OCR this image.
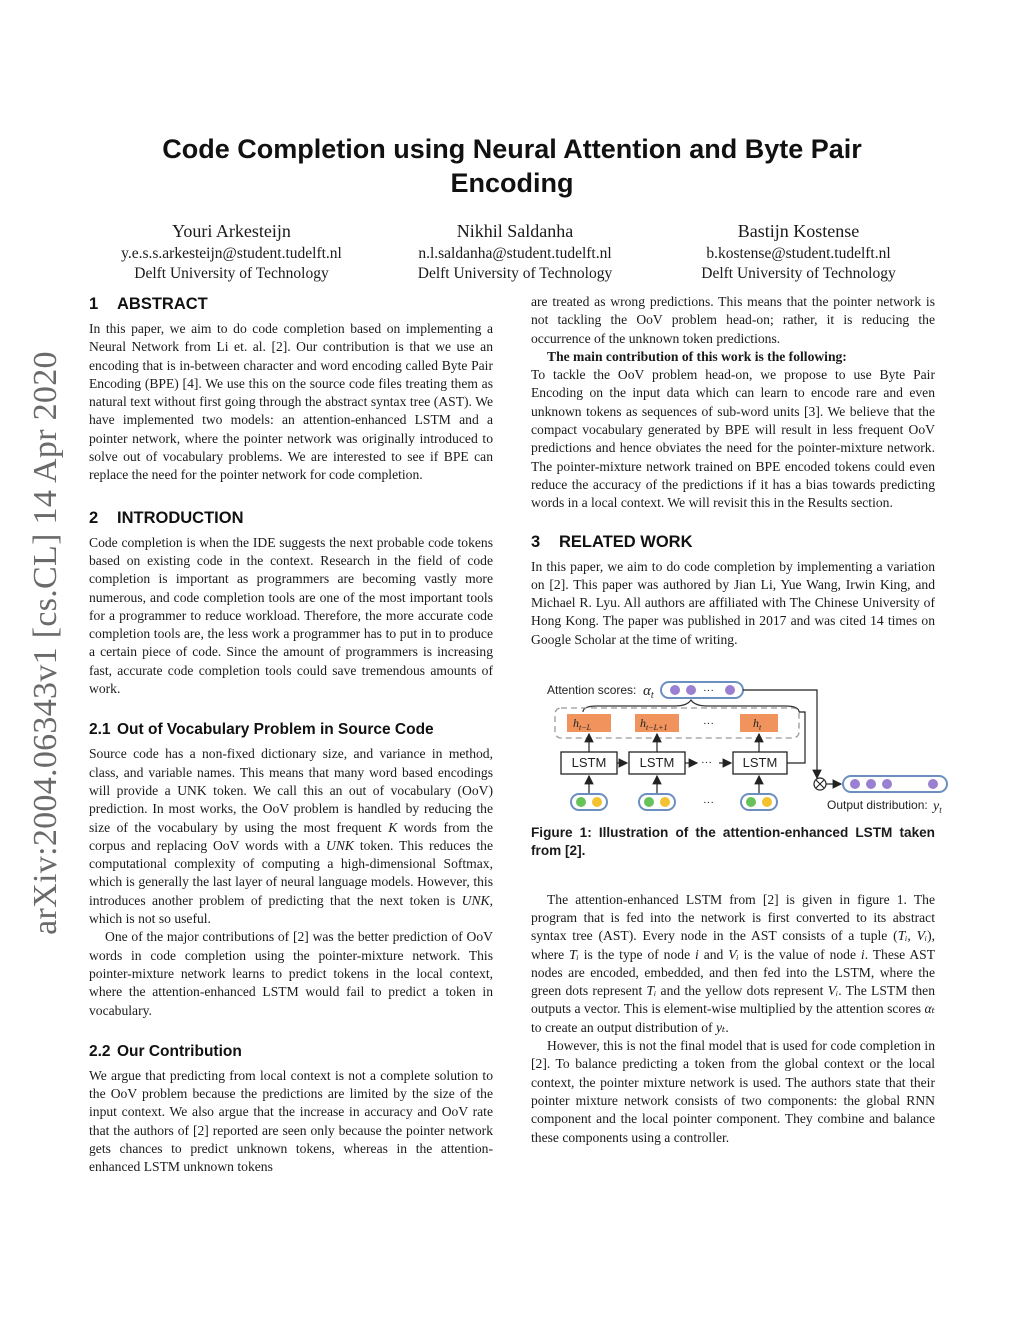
arXiv:2004.06343v1 [cs.CL] 14 Apr 2020
Code Completion using Neural Attention and Byte Pair Encoding
Youri Arkesteijn
y.e.s.s.arkesteijn@student.tudelft.nl
Delft University of Technology
Nikhil Saldanha
n.l.saldanha@student.tudelft.nl
Delft University of Technology
Bastijn Kostense
b.kostense@student.tudelft.nl
Delft University of Technology
1 ABSTRACT

In this paper, we aim to do code completion based on implementing a Neural Network from Li et. al. [2]. Our contribution is that we use an encoding that is in-between character and word encoding called Byte Pair Encoding (BPE) [4]. We use this on the source code files treating them as natural text without first going through the abstract syntax tree (AST). We have implemented two models: an attention-enhanced LSTM and a pointer network, where the pointer network was originally introduced to solve out of vocabulary problems. We are interested to see if BPE can replace the need for the pointer network for code completion.

2 INTRODUCTION

Code completion is when the IDE suggests the next probable code tokens based on existing code in the context. Research in the field of code completion is important as programmers are becoming vastly more numerous, and code completion tools are one of the most important tools for a programmer to reduce workload. Therefore, the more accurate code completion tools are, the less work a programmer has to put in to produce a certain piece of code. Since the amount of programmers is increasing fast, accurate code completion tools could save tremendous amounts of work.

2.1 Out of Vocabulary Problem in Source Code

Source code has a non-fixed dictionary size, and variance in method, class, and variable names. This means that many word based encodings will provide a UNK token. We call this an out of vocabulary (OoV) prediction. In most works, the OoV problem is handled by reducing the size of the vocabulary by using the most frequent K words from the corpus and replacing OoV words with a UNK token. This reduces the computational complexity of computing a high-dimensional Softmax, which is generally the last layer of neural language models. However, this introduces another problem of predicting that the next token is UNK, which is not so useful.

One of the major contributions of [2] was the better prediction of OoV words in code completion using the pointer-mixture network. This pointer-mixture network learns to predict tokens in the local context, where the attention-enhanced LSTM would fail to predict a token in vocabulary.

2.2 Our Contribution

We argue that predicting from local context is not a complete solution to the OoV problem because the predictions are limited by the size of the input context. We also argue that the increase in accuracy and OoV rate that the authors of [2] reported are seen only because the pointer network gets chances to predict unknown tokens, whereas in the attention-enhanced LSTM unknown tokens

are treated as wrong predictions. This means that the pointer network is not tackling the OoV problem head-on; rather, it is reducing the occurrence of the unknown token predictions.

The main contribution of this work is the following:

To tackle the OoV problem head-on, we propose to use Byte Pair Encoding on the input data which can learn to encode rare and even unknown tokens as sequences of sub-word units [3]. We believe that the compact vocabulary generated by BPE will result in less frequent OoV predictions and hence obviates the need for the pointer-mixture network. The pointer-mixture network trained on BPE encoded tokens could even reduce the accuracy of the predictions if it has a bias towards predicting words in a local context. We will revisit this in the Results section.

3 RELATED WORK

In this paper, we aim to do code completion by implementing a variation on [2]. This paper was authored by Jian Li, Yue Wang, Irwin King, and Michael R. Lyu. All authors are affiliated with The Chinese University of Hong Kong. The paper was published in 2017 and was cited 14 times on Google Scholar at the time of writing.

Attention scores: $\alpha_t$	···
$h_{t-L}$	$h_{t-L+1}$	$h_t$
···
LSTM	LSTM	LSTM
···
···	Output distribution: $y_t$

Figure 1: Illustration of the attention-enhanced LSTM taken from [2].

The attention-enhanced LSTM from [2] is given in figure 1. The program that is fed into the network is first converted to its abstract syntax tree (AST). Every node in the AST consists of a tuple (Tᵢ, Vᵢ), where Tᵢ is the type of node i and Vᵢ is the value of node i. These AST nodes are encoded, embedded, and then fed into the LSTM, where the green dots represent Tᵢ and the yellow dots represent Vᵢ. The LSTM then outputs a vector. This is element-wise multiplied by the attention scores αₜ to create an output distribution of yₜ.

However, this is not the final model that is used for code completion in [2]. To balance predicting a token from the global context or the local context, the pointer mixture network is used. The authors state that their pointer mixture network consists of two components: the global RNN component and the local pointer component. They combine and balance these components using a controller.
